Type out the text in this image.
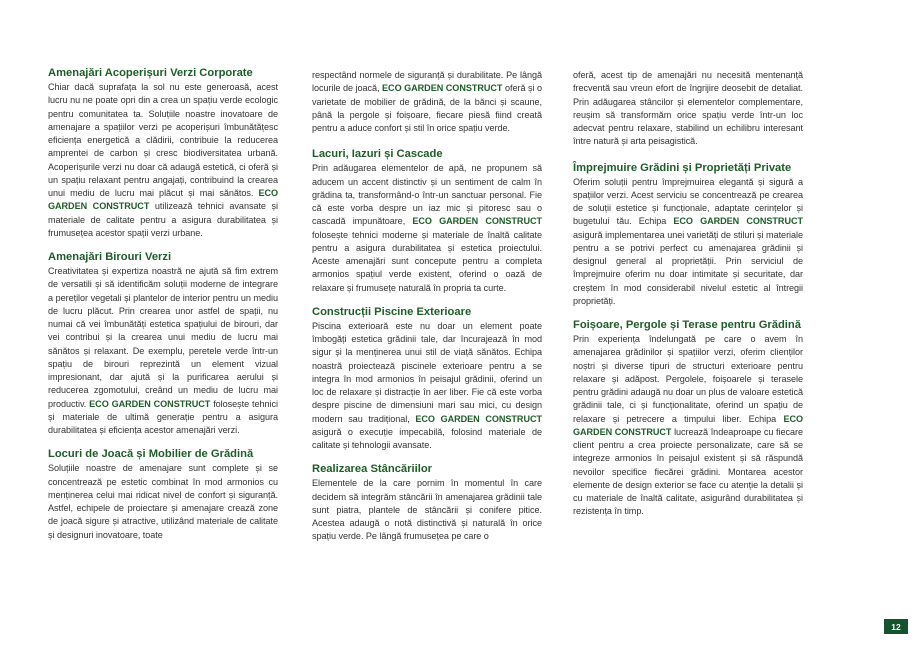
Amenajări Acoperișuri Verzi Corporate

Chiar dacă suprafața la sol nu este generoasă, acest lucru nu ne poate opri din a crea un spațiu verde ecologic pentru comunitatea ta. Soluțiile noastre inovatoare de amenajare a spațiilor verzi pe acoperișuri îmbunătățesc eficiența energetică a clădirii, contribuie la reducerea amprentei de carbon și cresc biodiversitatea urbană. Acoperișurile verzi nu doar că adaugă estetică, ci oferă și un spațiu relaxant pentru angajați, contribuind la crearea unui mediu de lucru mai plăcut și mai sănătos. ECO GARDEN CONSTRUCT utilizează tehnici avansate și materiale de calitate pentru a asigura durabilitatea și frumusețea acestor spații verzi urbane.

Amenajări Birouri Verzi

Creativitatea și expertiza noastră ne ajută să fim extrem de versatili și să identificăm soluții moderne de integrare a pereților vegetali și plantelor de interior pentru un mediu de lucru plăcut. Prin crearea unor astfel de spații, nu numai că vei îmbunătăți estetica spațiului de birouri, dar vei contribui și la crearea unui mediu de lucru mai sănătos și relaxant. De exemplu, peretele verde într-un spațiu de birouri reprezintă un element vizual impresionant, dar ajută și la purificarea aerului și reducerea zgomotului, creând un mediu de lucru mai productiv. ECO GARDEN CONSTRUCT folosește tehnici și materiale de ultimă generație pentru a asigura durabilitatea și eficiența acestor amenajări verzi.

Locuri de Joacă și Mobilier de Grădină

Soluțiile noastre de amenajare sunt complete și se concentrează pe estetic combinat în mod armonios cu menținerea celui mai ridicat nivel de confort și siguranță. Astfel, echipele de proiectare și amenajare crează zone de joacă sigure și atractive, utilizând materiale de calitate și designuri inovatoare, toate

respectând normele de siguranță și durabilitate. Pe lângă locurile de joacă, ECO GARDEN CONSTRUCT oferă și o varietate de mobilier de grădină, de la bănci și scaune, până la pergole și foișoare, fiecare piesă fiind creată pentru a aduce confort și stil în orice spațiu verde.

Lacuri, Iazuri și Cascade

Prin adăugarea elementelor de apă, ne propunem să aducem un accent distinctiv și un sentiment de calm în grădina ta, transformând-o într-un sanctuar personal. Fie că este vorba despre un iaz mic și pitoresc sau o cascadă impunătoare, ECO GARDEN CONSTRUCT folosește tehnici moderne și materiale de înaltă calitate pentru a asigura durabilitatea și estetica proiectului. Aceste amenajări sunt concepute pentru a completa armonios spațiul verde existent, oferind o oază de relaxare și frumusețe naturală în propria ta curte.

Construcții Piscine Exterioare

Piscina exterioară este nu doar un element poate îmbogăți estetica grădinii tale, dar încurajează în mod sigur și la menținerea unui stil de viață sănătos. Echipa noastră proiectează piscinele exterioare pentru a se integra în mod armonios în peisajul grădinii, oferind un loc de relaxare și distracție în aer liber. Fie că este vorba despre piscine de dimensiuni mari sau mici, cu design modern sau tradițional, ECO GARDEN CONSTRUCT asigură o execuție impecabilă, folosind materiale de calitate și tehnologii avansate.

Realizarea Stâncăriilor

Elementele de la care pornim în momentul în care decidem să integrăm stâncării în amenajarea grădinii tale sunt piatra, plantele de stâncării și conifere pitice. Acestea adaugă o notă distinctivă și naturală în orice spațiu verde. Pe lângă frumusețea pe care o

oferă, acest tip de amenajări nu necesită mentenanță frecventă sau vreun efort de îngrijire deosebit de detaliat. Prin adăugarea stâncilor și elementelor complementare, reușim să transformăm orice spațiu verde într-un loc adecvat pentru relaxare, stabilind un echilibru interesant între natură și arta peisagistică.

Împrejmuire Grădini și Proprietăți Private

Oferim soluții pentru împrejmuirea elegantă și sigură a spațiilor verzi. Acest serviciu se concentrează pe crearea de soluții estetice și funcționale, adaptate cerințelor și bugetului tău. Echipa ECO GARDEN CONSTRUCT asigură implementarea unei varietăți de stiluri și materiale pentru a se potrivi perfect cu amenajarea grădinii și designul general al proprietății. Prin serviciul de împrejmuire oferim nu doar intimitate și securitate, dar creștem în mod considerabil nivelul estetic al întregii proprietăți.

Foișoare, Pergole și Terase pentru Grădină

Prin experiența îndelungată pe care o avem în amenajarea grădinilor și spațiilor verzi, oferim clienților noștri și diverse tipuri de structuri exterioare pentru relaxare și adăpost. Pergolele, foișoarele și terasele pentru grădini adaugă nu doar un plus de valoare estetică grădinii tale, ci și funcționalitate, oferind un spațiu de relaxare și petrecere a timpului liber. Echipa ECO GARDEN CONSTRUCT lucrează îndeaproape cu fiecare client pentru a crea proiecte personalizate, care să se integreze armonios în peisajul existent și să răspundă nevoilor specifice fiecărei grădini. Montarea acestor elemente de design exterior se face cu atenție la detalii și cu materiale de înaltă calitate, asigurând durabilitatea și rezistența în timp.

12
